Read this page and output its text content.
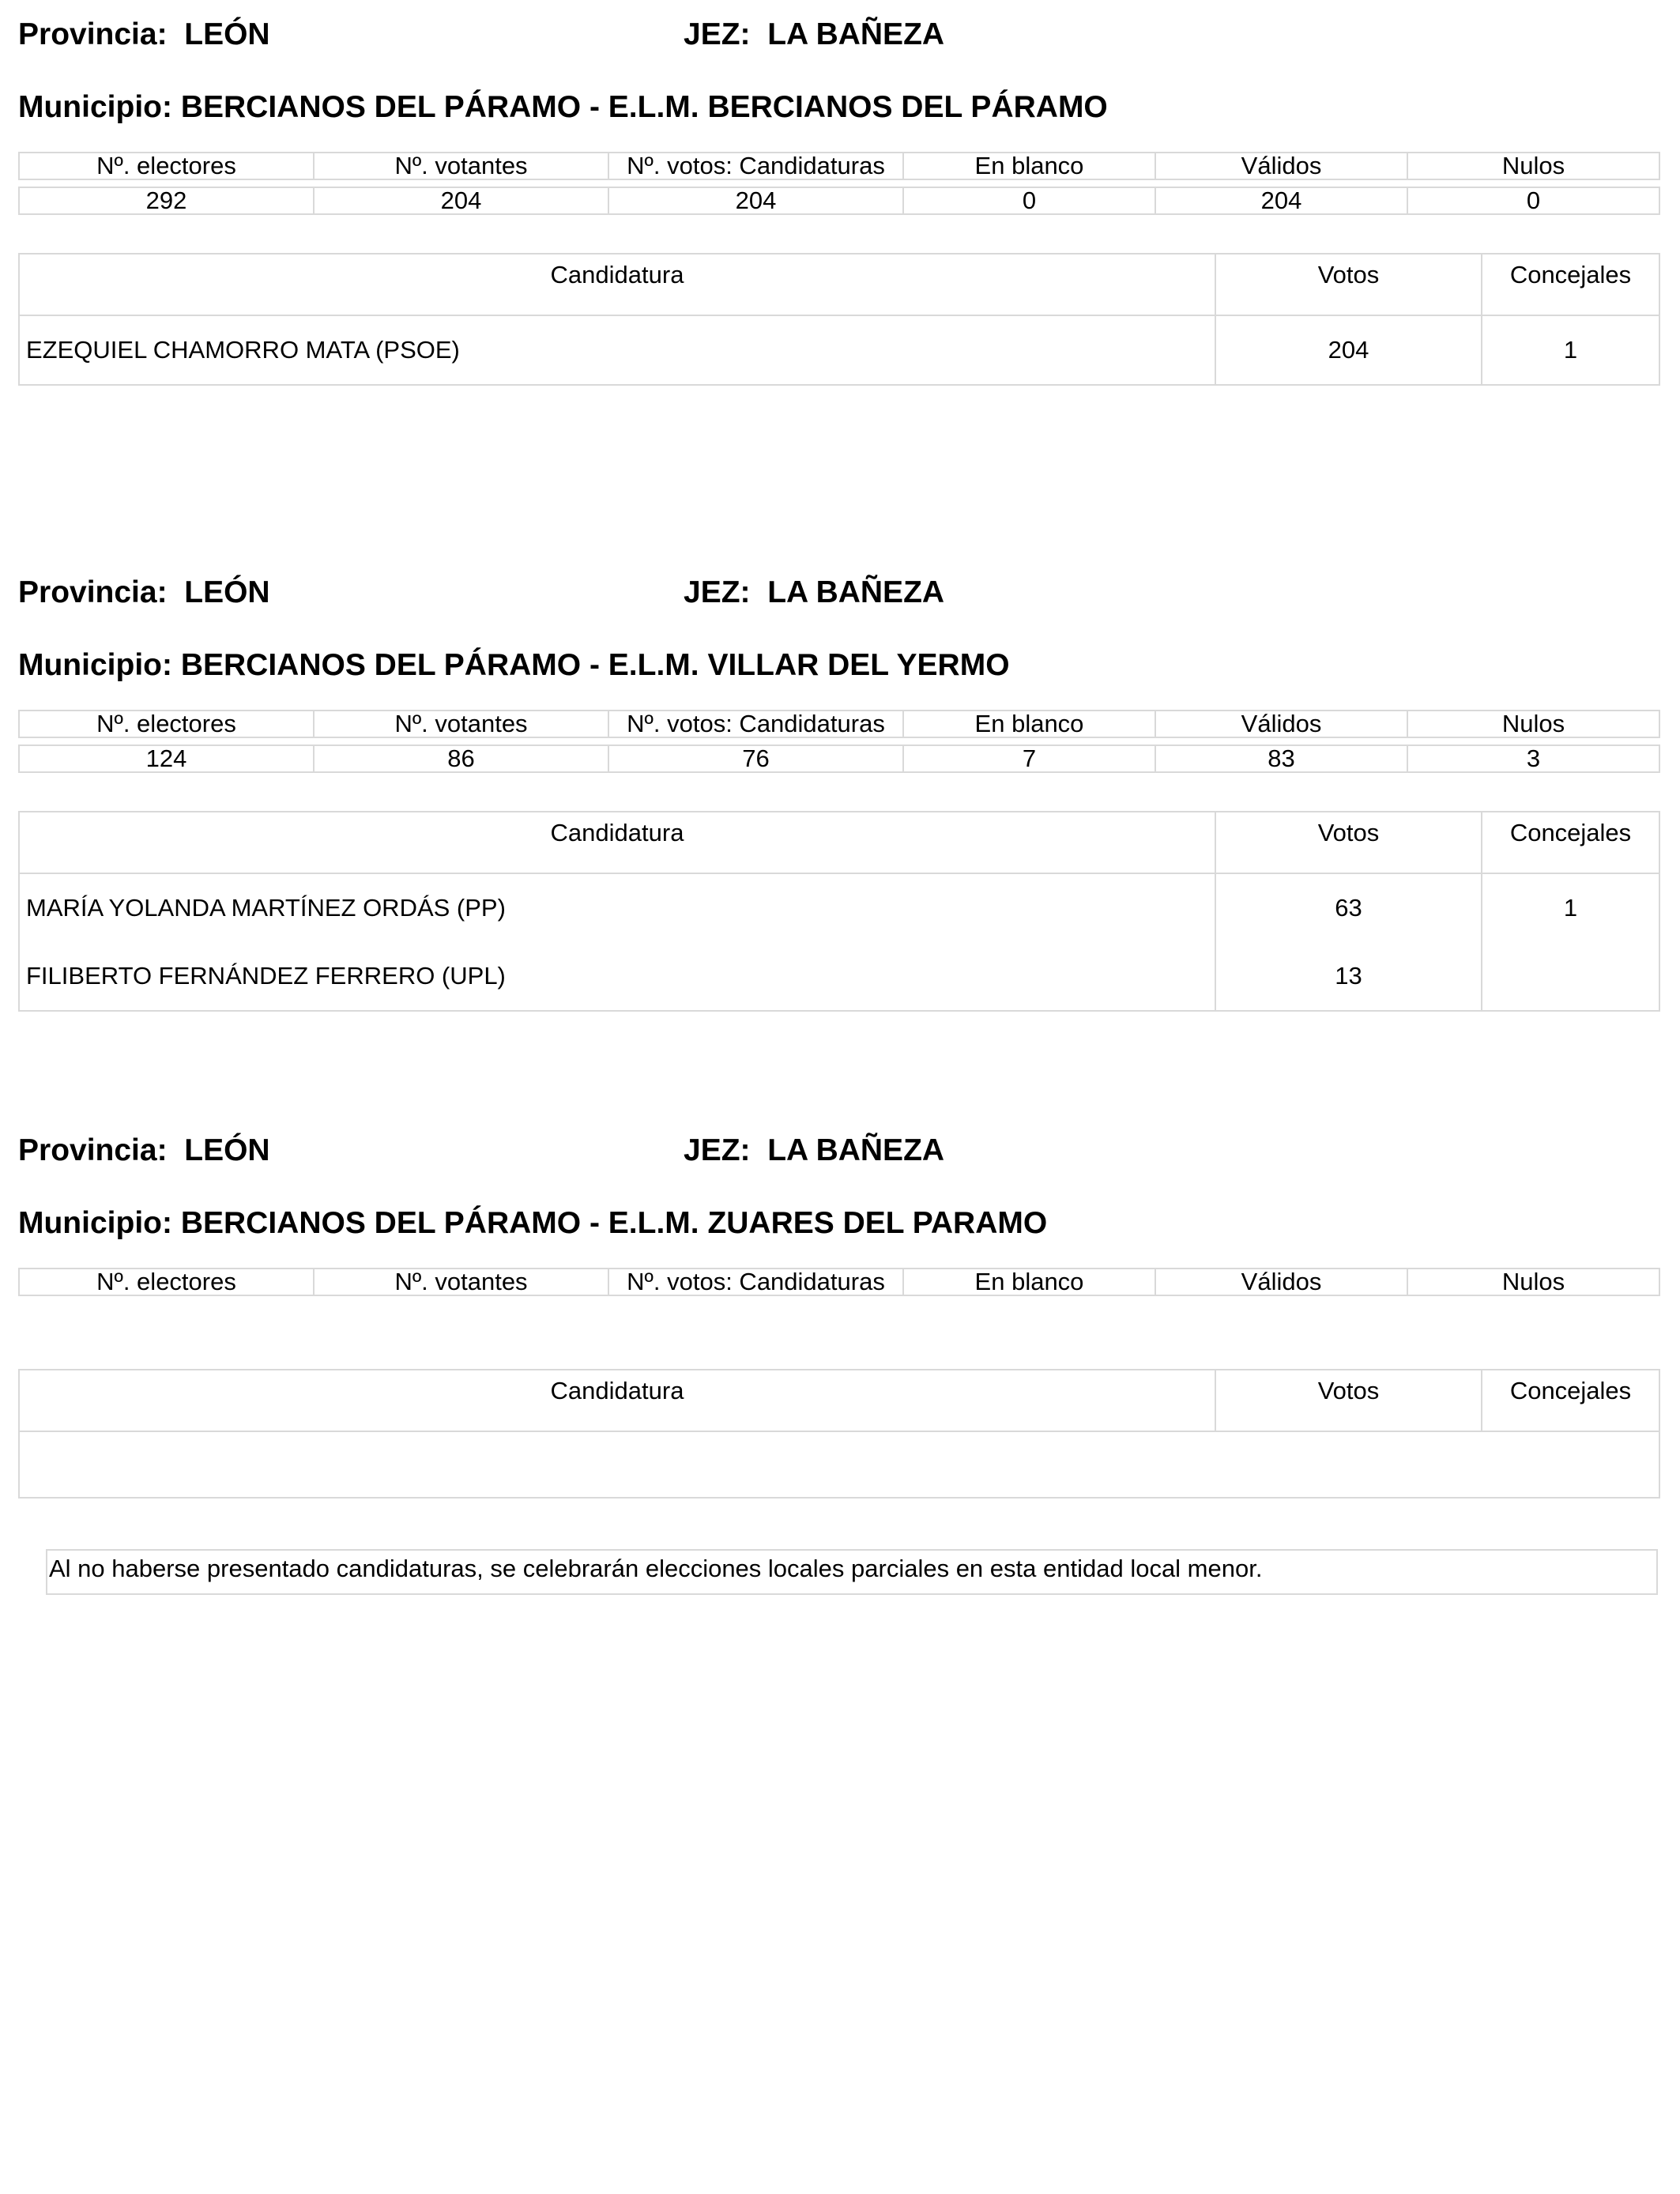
Provincia: LEÓN	JEZ: LA BAÑEZA
Municipio: BERCIANOS DEL PÁRAMO - E.L.M. BERCIANOS DEL PÁRAMO
Nº. electores	Nº. votantes	Nº. votos: Candidaturas	En blanco	Válidos	Nulos

292	204	204	0	204	0
Candidatura	Votos	Concejales
EZEQUIEL CHAMORRO MATA (PSOE)	204	1
Provincia: LEÓN	JEZ: LA BAÑEZA
Municipio: BERCIANOS DEL PÁRAMO - E.L.M. VILLAR DEL YERMO
Nº. electores	Nº. votantes	Nº. votos: Candidaturas	En blanco	Válidos	Nulos

124	86	76	7	83	3
Candidatura	Votos	Concejales
MARÍA YOLANDA MARTÍNEZ ORDÁS (PP)	63	1
FILIBERTO FERNÁNDEZ FERRERO (UPL)	13	
Provincia: LEÓN	JEZ: LA BAÑEZA
Municipio: BERCIANOS DEL PÁRAMO - E.L.M. ZUARES DEL PARAMO
Nº. electores	Nº. votantes	Nº. votos: Candidaturas	En blanco	Válidos	Nulos
Candidatura	Votos	Concejales

Al no haberse presentado candidaturas, se celebrarán elecciones locales parciales en esta entidad local menor.
